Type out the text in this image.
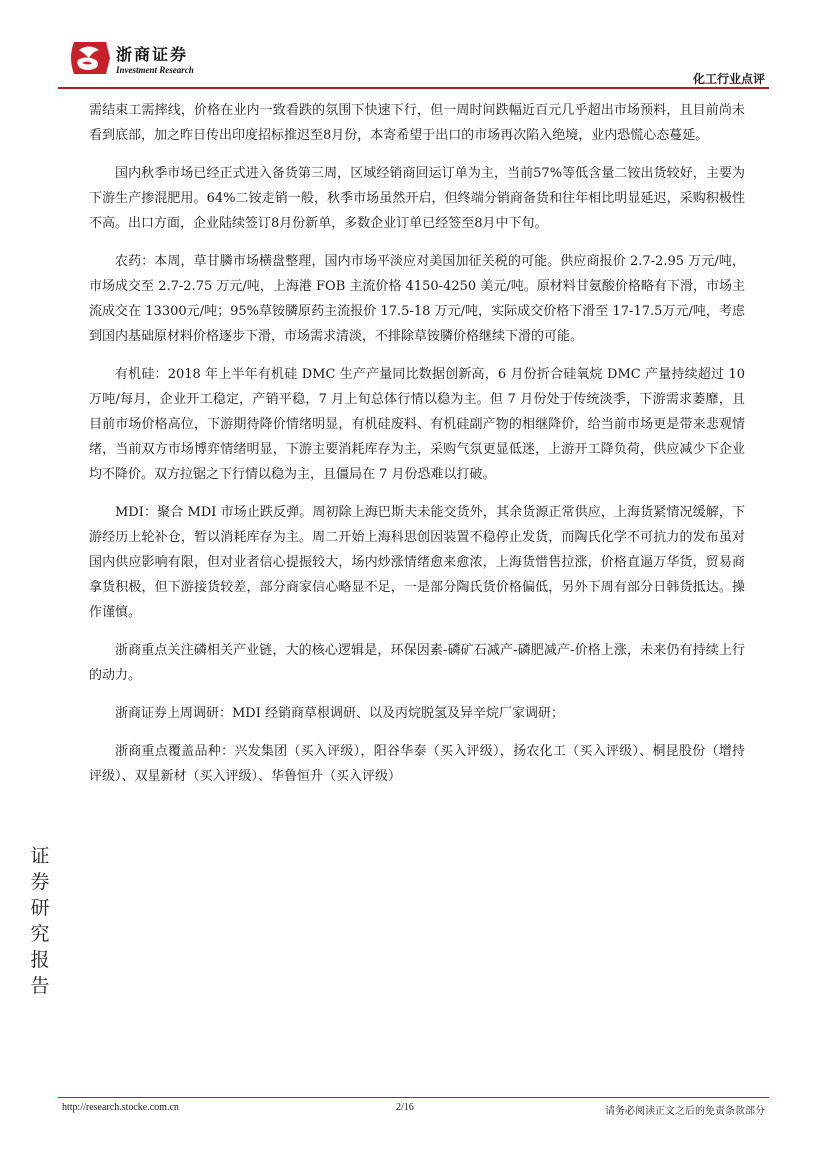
浙商证券
Investment Research
化工行业点评

需结束工需摔线，价格在业内一致看跌的氛围下快速下行，但一周时间跌幅近百元几乎超出市场预料，且目前尚未看到底部，加之昨日传出印度招标推迟至8月份，本寄希望于出口的市场再次陷入绝境，业内恐慌心态蔓延。

国内秋季市场已经正式进入备货第三周，区域经销商回运订单为主，当前57%等低含量二铵出货较好，主要为下游生产掺混肥用。64%二铵走销一般，秋季市场虽然开启，但终端分销商备货和往年相比明显延迟，采购积极性不高。出口方面，企业陆续签订8月份新单，多数企业订单已经签至8月中下旬。

农药：本周，草甘膦市场横盘整理，国内市场平淡应对美国加征关税的可能。供应商报价 2.7-2.95 万元/吨，市场成交至 2.7-2.75 万元/吨，上海港 FOB 主流价格 4150-4250 美元/吨。原材料甘氨酸价格略有下滑，市场主流成交在 13300元/吨；95%草铵膦原药主流报价 17.5-18 万元/吨，实际成交价格下滑至 17-17.5万元/吨，考虑到国内基础原材料价格逐步下滑，市场需求清淡，不排除草铵膦价格继续下滑的可能。

有机硅：2018 年上半年有机硅 DMC 生产产量同比数据创新高，6 月份折合硅氧烷 DMC 产量持续超过 10 万吨/每月，企业开工稳定，产销平稳，7 月上旬总体行情以稳为主。但 7 月份处于传统淡季，下游需求萎靡，且目前市场价格高位，下游期待降价情绪明显，有机硅废料、有机硅副产物的相继降价，给当前市场更是带来悲观情绪，当前双方市场博弈情绪明显，下游主要消耗库存为主，采购气氛更显低迷，上游开工降负荷，供应减少下企业均不降价。双方拉锯之下行情以稳为主，且僵局在 7 月份恐难以打破。

MDI：聚合 MDI 市场止跌反弹。周初除上海巴斯夫未能交货外，其余货源正常供应，上海货紧情况缓解，下游经历上轮补仓，暂以消耗库存为主。周二开始上海科思创因装置不稳停止发货，而陶氏化学不可抗力的发布虽对国内供应影响有限，但对业者信心提振较大，场内炒涨情绪愈来愈浓，上海货惜售拉涨，价格直逼万华货，贸易商拿货积极，但下游接货较差，部分商家信心略显不足，一是部分陶氏货价格偏低，另外下周有部分日韩货抵达。操作谨慎。

浙商重点关注磷相关产业链，大的核心逻辑是，环保因素-磷矿石减产-磷肥减产-价格上涨，未来仍有持续上行的动力。

浙商证券上周调研：MDI 经销商草根调研、以及丙烷脱氢及异辛烷厂家调研；

浙商重点覆盖品种：兴发集团（买入评级），阳谷华泰（买入评级），扬农化工（买入评级）、桐昆股份（增持评级）、双星新材（买入评级）、华鲁恒升（买入评级）

证
券
研
究
报
告
http://research.stocke.com.cn	2/16	请务必阅读正文之后的免责条款部分
